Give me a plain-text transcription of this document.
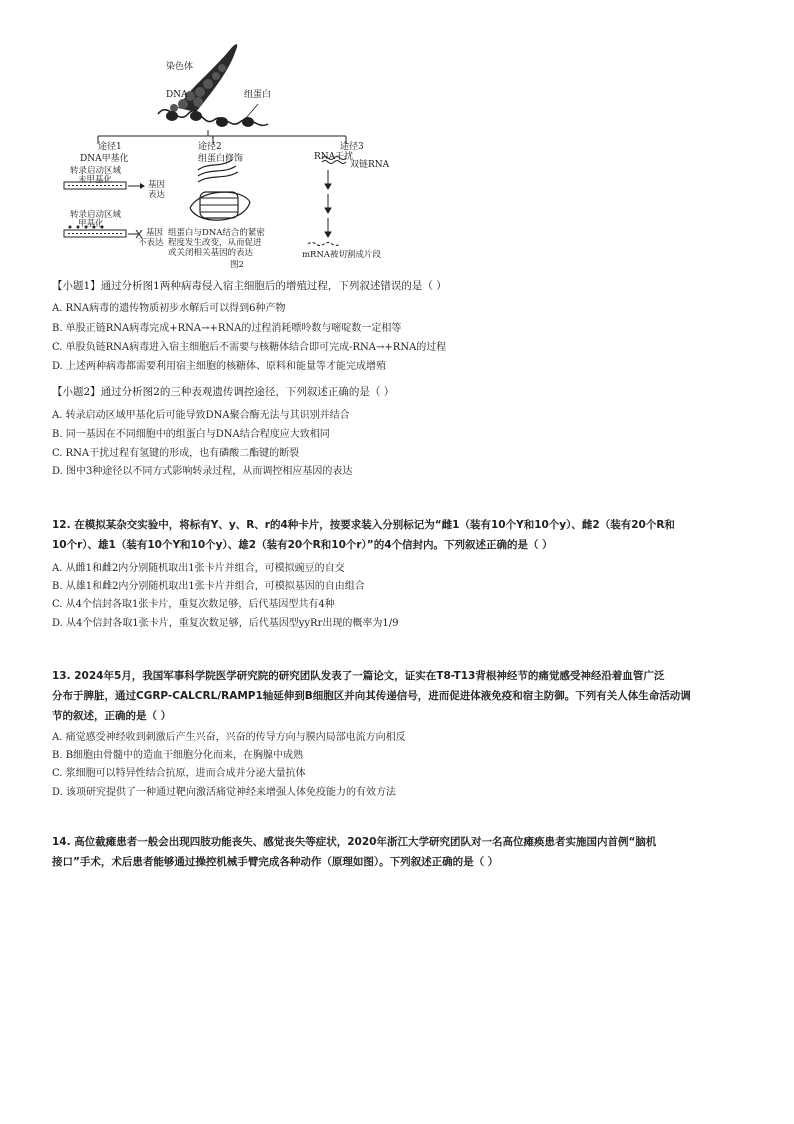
染色体
DNA	组蛋白
途径1	途径2	途径3
DNA甲基化
转录启动区域
未甲基化	基因
表达
转录启动区域
甲基化
基因
不表达
组蛋白修饰
组蛋白与DNA结合的紧密
程度发生改变，从而促进
或关闭相关基因的表达
RNA干扰
双链RNA
mRNA被切割成片段
图2
【小题1】通过分析图1两种病毒侵入宿主细胞后的增殖过程，下列叙述错误的是（ ）
A. RNA病毒的遗传物质初步水解后可以得到6种产物
B. 单股正链RNA病毒完成+RNA→+RNA的过程消耗嘌呤数与嘧啶数一定相等
C. 单股负链RNA病毒进入宿主细胞后不需要与核糖体结合即可完成-RNA→+RNA的过程
D. 上述两种病毒都需要利用宿主细胞的核糖体、原料和能量等才能完成增殖
【小题2】通过分析图2的三种表观遗传调控途径，下列叙述正确的是（ ）
A. 转录启动区域甲基化后可能导致DNA聚合酶无法与其识别并结合
B. 同一基因在不同细胞中的组蛋白与DNA结合程度应大致相同
C. RNA干扰过程有氢键的形成，也有磷酸二酯键的断裂
D. 图中3种途径以不同方式影响转录过程，从而调控相应基因的表达
12. 在模拟某杂交实验中，将标有Y、y、R、r的4种卡片，按要求装入分别标记为“雌1（装有10个Y和10个y）、雌2（装有20个R和
10个r）、雄1（装有10个Y和10个y）、雄2（装有20个R和10个r）”的4个信封内。下列叙述正确的是（ ）
A. 从雌1和雌2内分别随机取出1张卡片并组合，可模拟豌豆的自交
B. 从雄1和雌2内分别随机取出1张卡片并组合，可模拟基因的自由组合
C. 从4个信封各取1张卡片，重复次数足够，后代基因型共有4种
D. 从4个信封各取1张卡片，重复次数足够，后代基因型yyRr出现的概率为1/9
13. 2024年5月，我国军事科学院医学研究院的研究团队发表了一篇论文，证实在T8-T13背根神经节的痛觉感受神经沿着血管广泛
分布于脾脏，通过CGRP-CALCRL/RAMP1轴延伸到B细胞区并向其传递信号，进而促进体液免疫和宿主防御。下列有关人体生命活动调
节的叙述，正确的是（ ）
A. 痛觉感受神经收到刺激后产生兴奋，兴奋的传导方向与膜内局部电流方向相反
B. B细胞由骨髓中的造血干细胞分化而来，在胸腺中成熟
C. 浆细胞可以特异性结合抗原，进而合成并分泌大量抗体
D. 该项研究提供了一种通过靶向激活痛觉神经来增强人体免疫能力的有效方法
14. 高位截瘫患者一般会出现四肢功能丧失、感觉丧失等症状，2020年浙江大学研究团队对一名高位瘫痪患者实施国内首例“脑机
接口”手术，术后患者能够通过操控机械手臂完成各种动作（原理如图）。下列叙述正确的是（ ）
